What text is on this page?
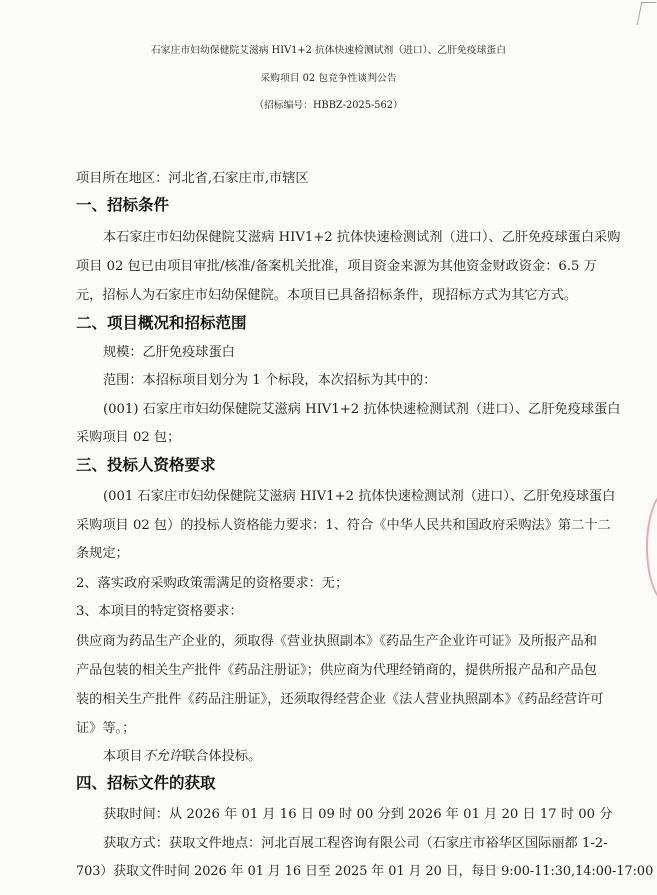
石家庄市妇幼保健院艾滋病 HIV1+2 抗体快速检测试剂（进口）、乙肝免疫球蛋白
采购项目 02 包竞争性谈判公告
（招标编号：HBBZ-2025-562）
项目所在地区：河北省,石家庄市,市辖区
一、招标条件
本石家庄市妇幼保健院艾滋病 HIV1+2 抗体快速检测试剂（进口）、乙肝免疫球蛋白采购
项目 02 包已由项目审批/核准/备案机关批准，项目资金来源为其他资金财政资金：6.5 万
元，招标人为石家庄市妇幼保健院。本项目已具备招标条件，现招标方式为其它方式。
二、项目概况和招标范围
规模：乙肝免疫球蛋白
范围：本招标项目划分为 1 个标段，本次招标为其中的：
(001) 石家庄市妇幼保健院艾滋病 HIV1+2 抗体快速检测试剂（进口）、乙肝免疫球蛋白
采购项目 02 包；
三、投标人资格要求
(001 石家庄市妇幼保健院艾滋病 HIV1+2 抗体快速检测试剂（进口）、乙肝免疫球蛋白
采购项目 02 包）的投标人资格能力要求：1、符合《中华人民共和国政府采购法》第二十二
条规定；
2、落实政府采购政策需满足的资格要求：无；
3、本项目的特定资格要求：
供应商为药品生产企业的，须取得《营业执照副本》《药品生产企业许可证》及所报产品和
产品包装的相关生产批件《药品注册证》；供应商为代理经销商的，提供所报产品和产品包
装的相关生产批件《药品注册证》，还须取得经营企业《法人营业执照副本》《药品经营许可
证》等。；
本项目不允许联合体投标。
四、招标文件的获取
获取时间：从 2026 年 01 月 16 日 09 时 00 分到 2026 年 01 月 20 日 17 时 00 分
获取方式：获取文件地点：河北百展工程咨询有限公司（石家庄市裕华区国际丽都 1-2-
703）获取文件时间 2026 年 01 月 16 日至 2025 年 01 月 20 日，每日 9:00-11:30,14:00-17:00
